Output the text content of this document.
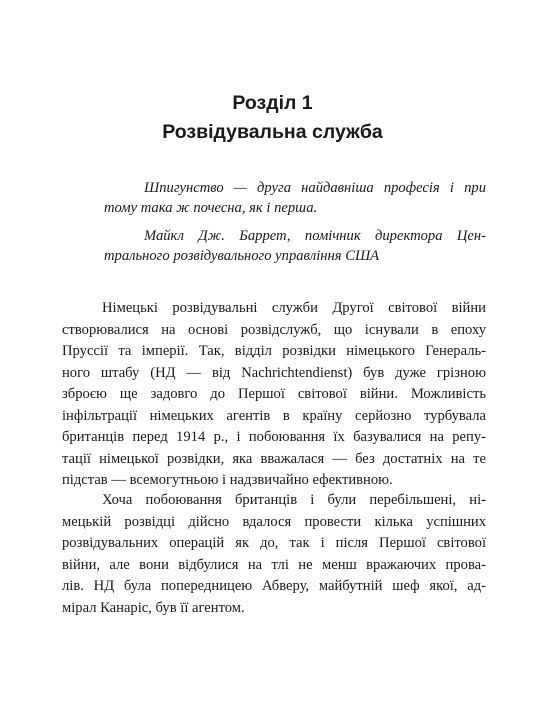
Розділ 1
Розвідувальна служба
Шпигунство — друга найдавніша професія і при
тому така ж почесна, як і перша.
Майкл Дж. Баррет, помічник директора Цен-
трального розвідувального управління США
Німецькі розвідувальні служби Другої світової війни
створювалися на основі розвідслужб, що існували в епоху
Пруссії та імперії. Так, відділ розвідки німецького Генераль-
ного штабу (НД — від Nachrichtendienst) був дуже грізною
зброєю ще задовго до Першої світової війни. Можливість
інфільтрації німецьких агентів в країну серйозно турбувала
британців перед 1914 р., і побоювання їх базувалися на репу-
тації німецької розвідки, яка вважалася — без достатніх на те
підстав — всемогутньою і надзвичайно ефективною.
Хоча побоювання британців і були перебільшені, ні-
мецькій розвідці дійсно вдалося провести кілька успішних
розвідувальних операцій як до, так і після Першої світової
війни, але вони відбулися на тлі не менш вражаючих прова-
лів. НД була попередницею Абверу, майбутній шеф якої, ад-
мірал Канаріс, був її агентом.
